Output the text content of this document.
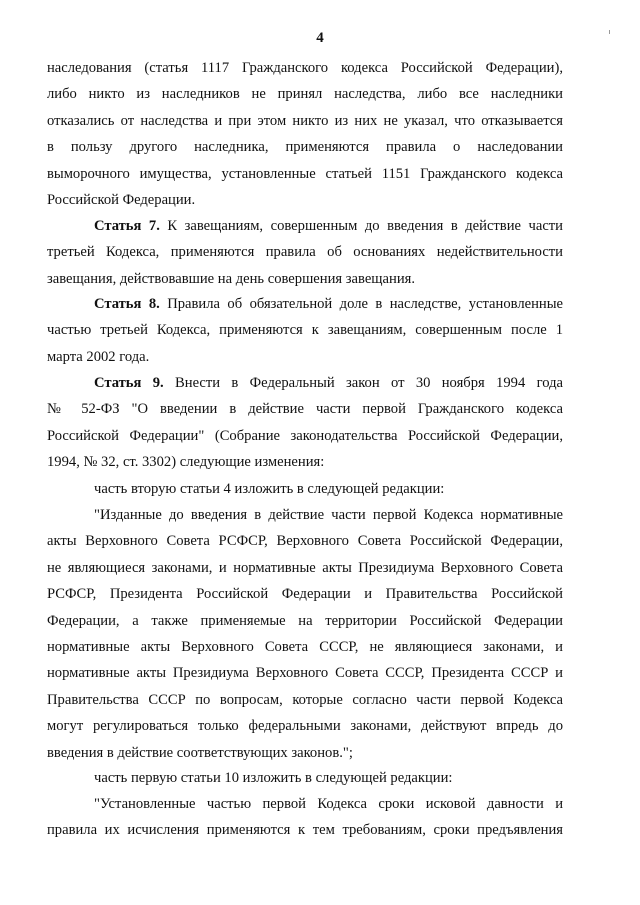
4
наследования (статья 1117 Гражданского кодекса Российской Федерации),
либо никто из наследников не принял наследства, либо все наследники
отказались от наследства и при этом никто из них не указал, что отказывается
в пользу другого наследника, применяются правила о наследовании
выморочного имущества, установленные статьей 1151 Гражданского кодекса
Российской Федерации.
Статья 7. К завещаниям, совершенным до введения в действие части
третьей Кодекса, применяются правила об основаниях недействительности
завещания, действовавшие на день совершения завещания.
Статья 8. Правила об обязательной доле в наследстве, установленные
частью третьей Кодекса, применяются к завещаниям, совершенным после 1
марта 2002 года.
Статья 9. Внести в Федеральный закон от 30 ноября 1994 года
№ 52-ФЗ "О введении в действие части первой Гражданского кодекса
Российской Федерации" (Собрание законодательства Российской Федерации,
1994, № 32, ст. 3302) следующие изменения:
часть вторую статьи 4 изложить в следующей редакции:
"Изданные до введения в действие части первой Кодекса нормативные
акты Верховного Совета РСФСР, Верховного Совета Российской Федерации,
не являющиеся законами, и нормативные акты Президиума Верховного Совета
РСФСР, Президента Российской Федерации и Правительства Российской
Федерации, а также применяемые на территории Российской Федерации
нормативные акты Верховного Совета СССР, не являющиеся законами, и
нормативные акты Президиума Верховного Совета СССР, Президента СССР и
Правительства СССР по вопросам, которые согласно части первой Кодекса
могут регулироваться только федеральными законами, действуют впредь до
введения в действие соответствующих законов.";
часть первую статьи 10 изложить в следующей редакции:
"Установленные частью первой Кодекса сроки исковой давности и
правила их исчисления применяются к тем требованиям, сроки предъявления
